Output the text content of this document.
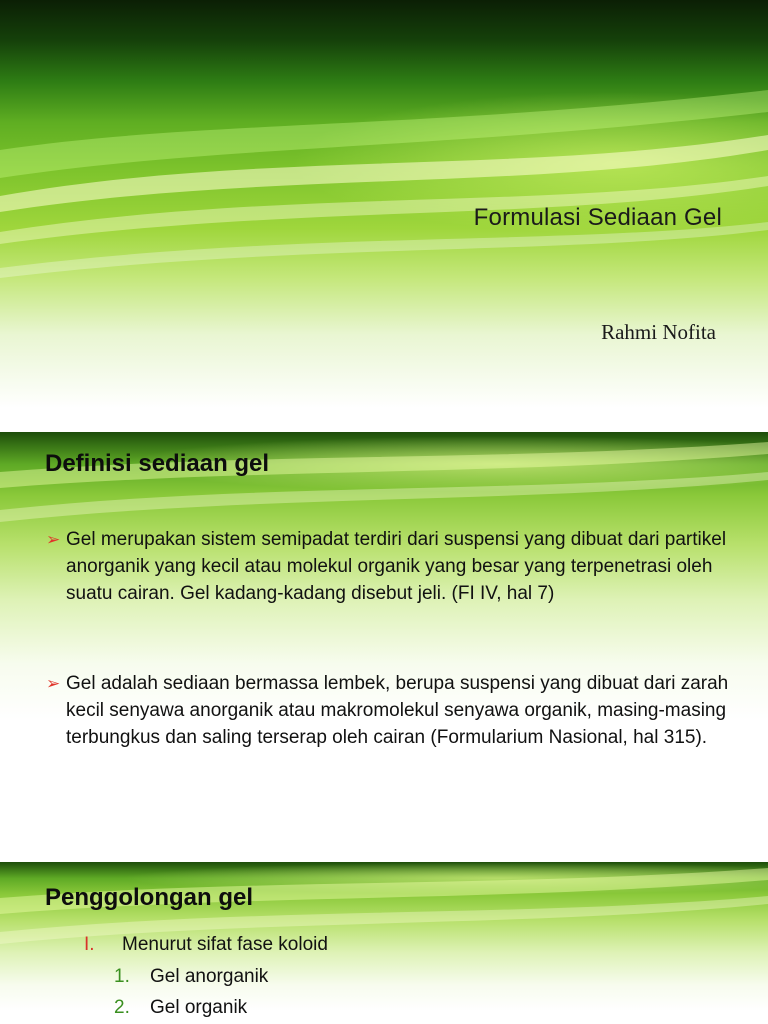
Formulasi Sediaan Gel
Rahmi Nofita
Definisi sediaan gel
➢ Gel merupakan sistem semipadat terdiri dari suspensi yang dibuat dari partikel anorganik yang kecil atau molekul organik yang besar yang terpenetrasi oleh suatu cairan. Gel kadang-kadang disebut jeli. (FI IV, hal 7)
➢ Gel adalah sediaan bermassa lembek, berupa suspensi yang dibuat dari zarah kecil senyawa anorganik atau makromolekul senyawa organik, masing-masing terbungkus dan saling terserap oleh cairan (Formularium Nasional, hal 315).
Penggolongan gel
I. Menurut sifat fase koloid
1. Gel anorganik
2. Gel organik
